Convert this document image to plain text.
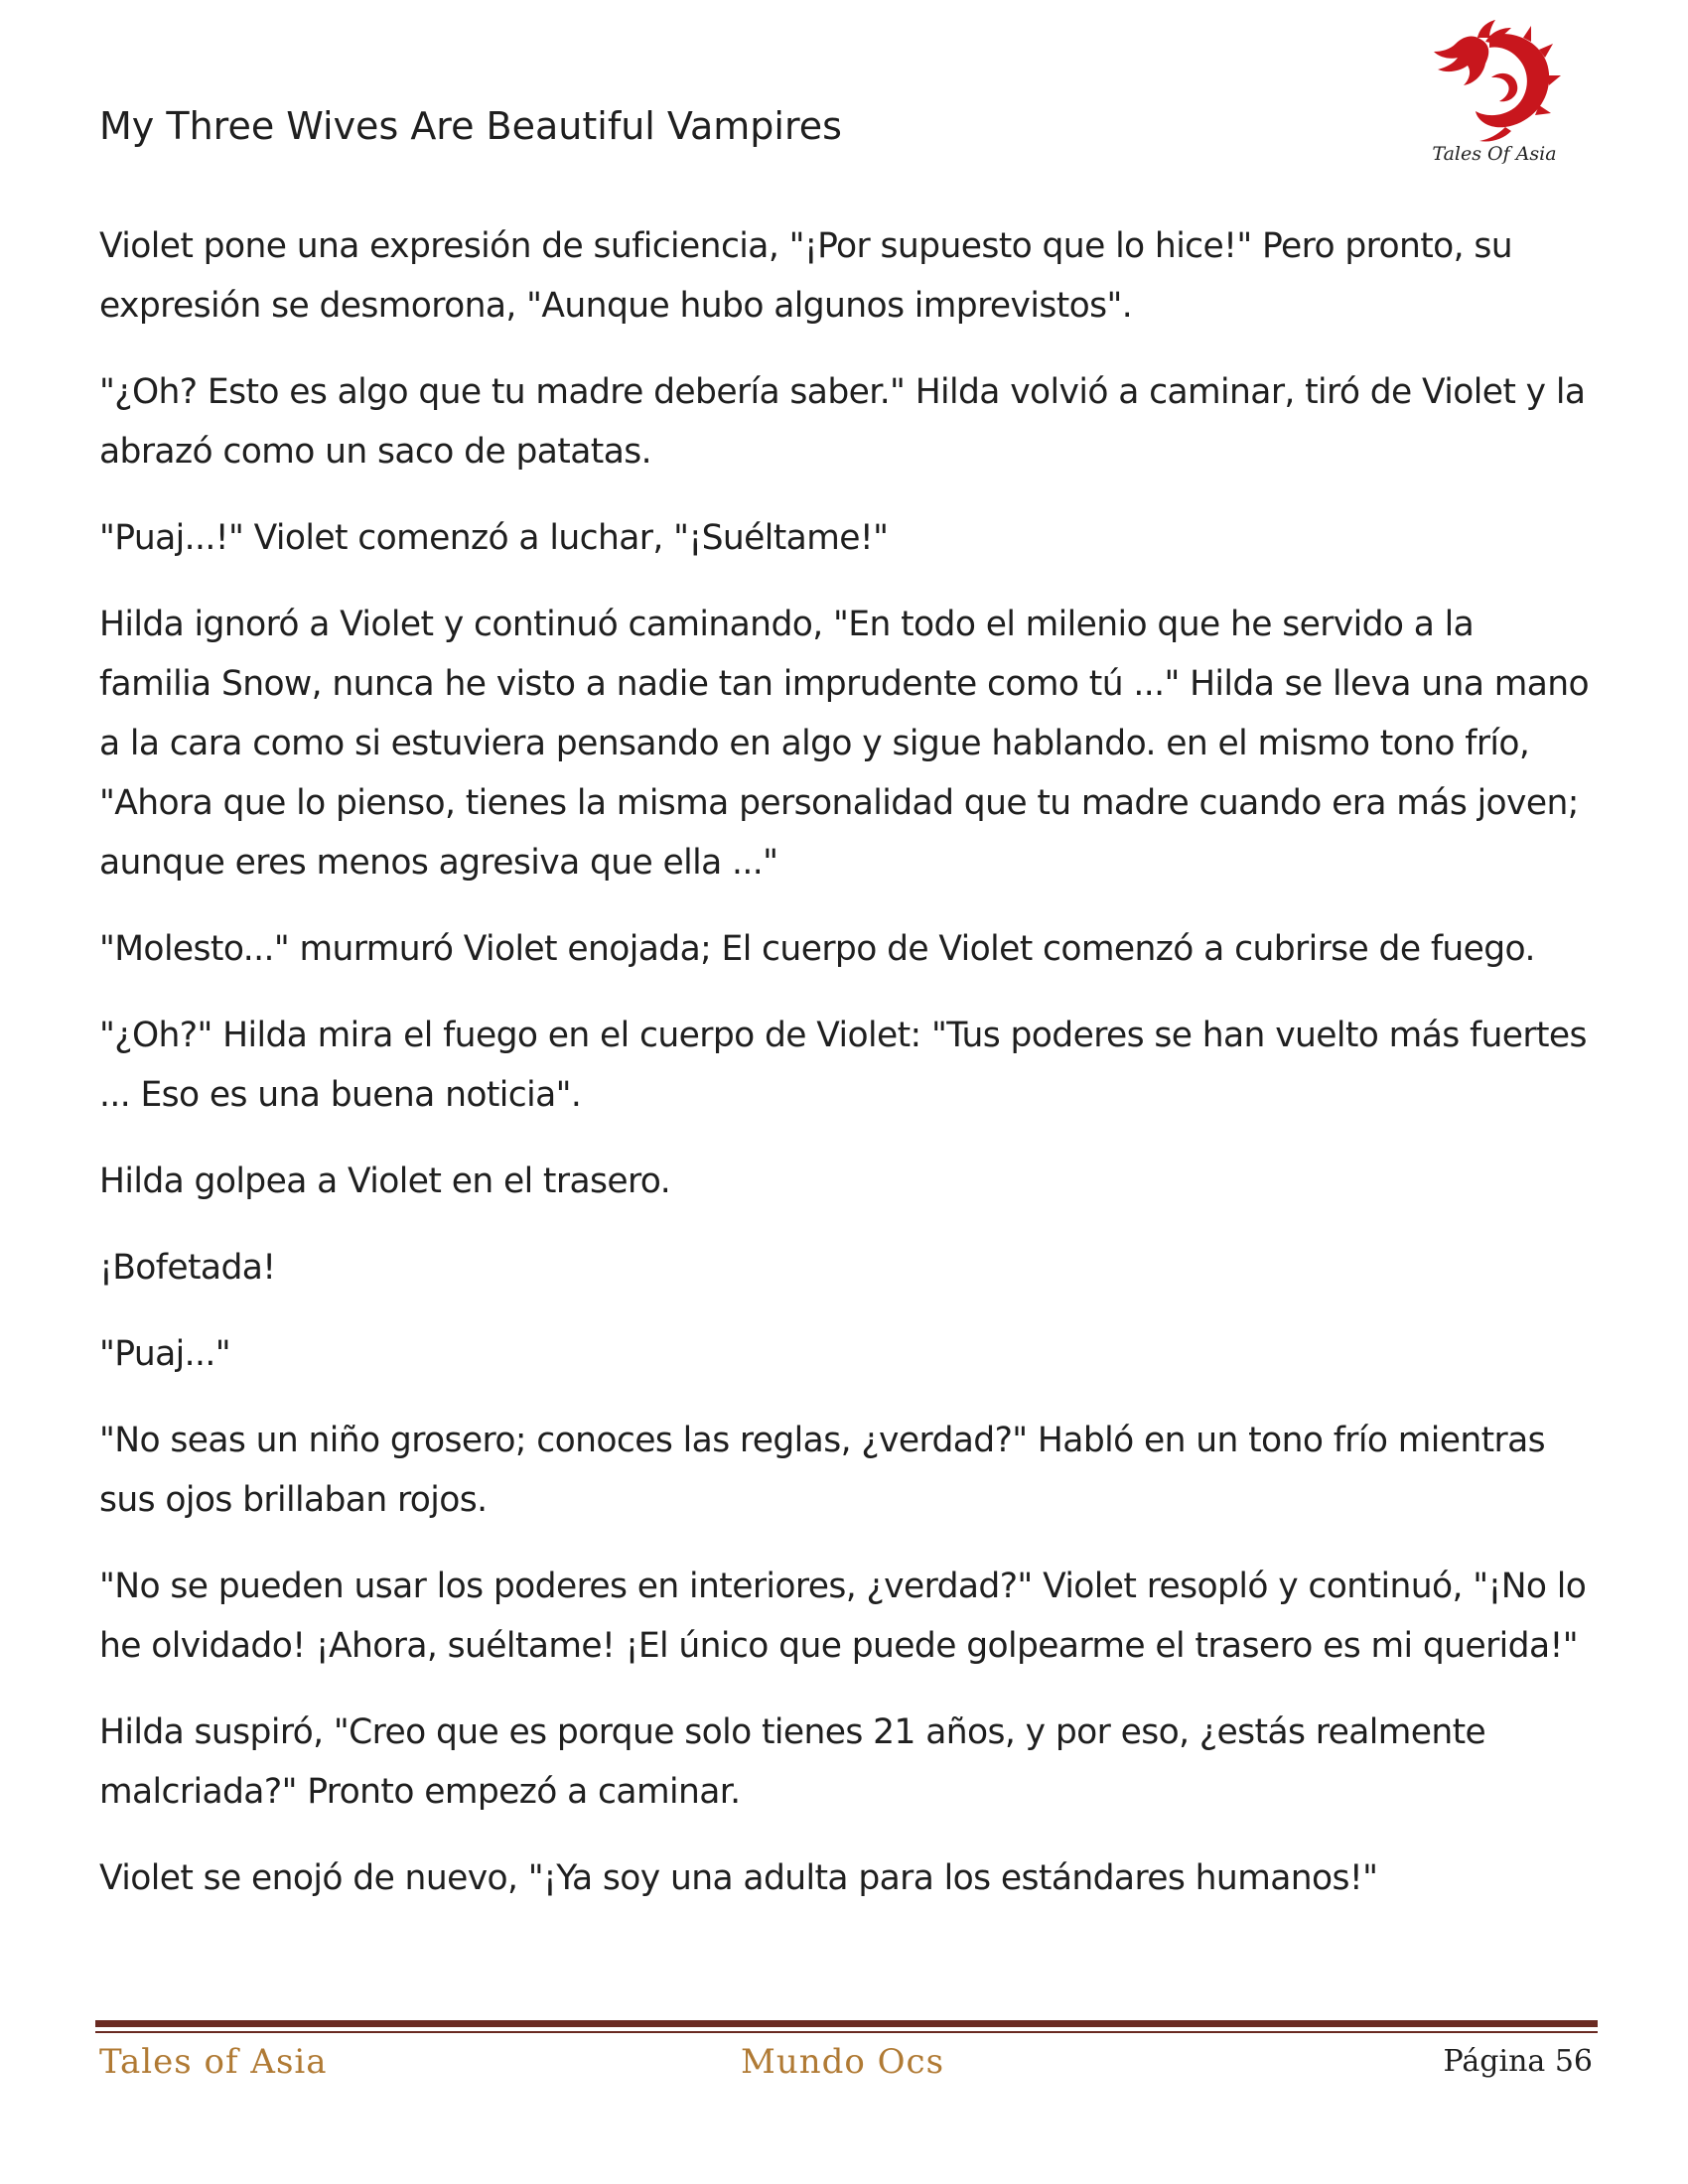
My Three Wives Are Beautiful Vampires
Tales Of Asia

Violet pone una expresión de suficiencia, "¡Por supuesto que lo hice!" Pero pronto, su expresión se desmorona, "Aunque hubo algunos imprevistos".

"¿Oh? Esto es algo que tu madre debería saber." Hilda volvió a caminar, tiró de Violet y la abrazó como un saco de patatas.

"Puaj...!" Violet comenzó a luchar, "¡Suéltame!"

Hilda ignoró a Violet y continuó caminando, "En todo el milenio que he servido a la familia Snow, nunca he visto a nadie tan imprudente como tú ..." Hilda se lleva una mano a la cara como si estuviera pensando en algo y sigue hablando. en el mismo tono frío, "Ahora que lo pienso, tienes la misma personalidad que tu madre cuando era más joven; aunque eres menos agresiva que ella ..."

"Molesto..." murmuró Violet enojada; El cuerpo de Violet comenzó a cubrirse de fuego.

"¿Oh?" Hilda mira el fuego en el cuerpo de Violet: "Tus poderes se han vuelto más fuertes ... Eso es una buena noticia".

Hilda golpea a Violet en el trasero.

¡Bofetada!

"Puaj..."

"No seas un niño grosero; conoces las reglas, ¿verdad?" Habló en un tono frío mientras sus ojos brillaban rojos.

"No se pueden usar los poderes en interiores, ¿verdad?" Violet resopló y continuó, "¡No lo he olvidado! ¡Ahora, suéltame! ¡El único que puede golpearme el trasero es mi querida!"

Hilda suspiró, "Creo que es porque solo tienes 21 años, y por eso, ¿estás realmente malcriada?" Pronto empezó a caminar.

Violet se enojó de nuevo, "¡Ya soy una adulta para los estándares humanos!"

Tales of Asia	Mundo Ocs	Página 56
